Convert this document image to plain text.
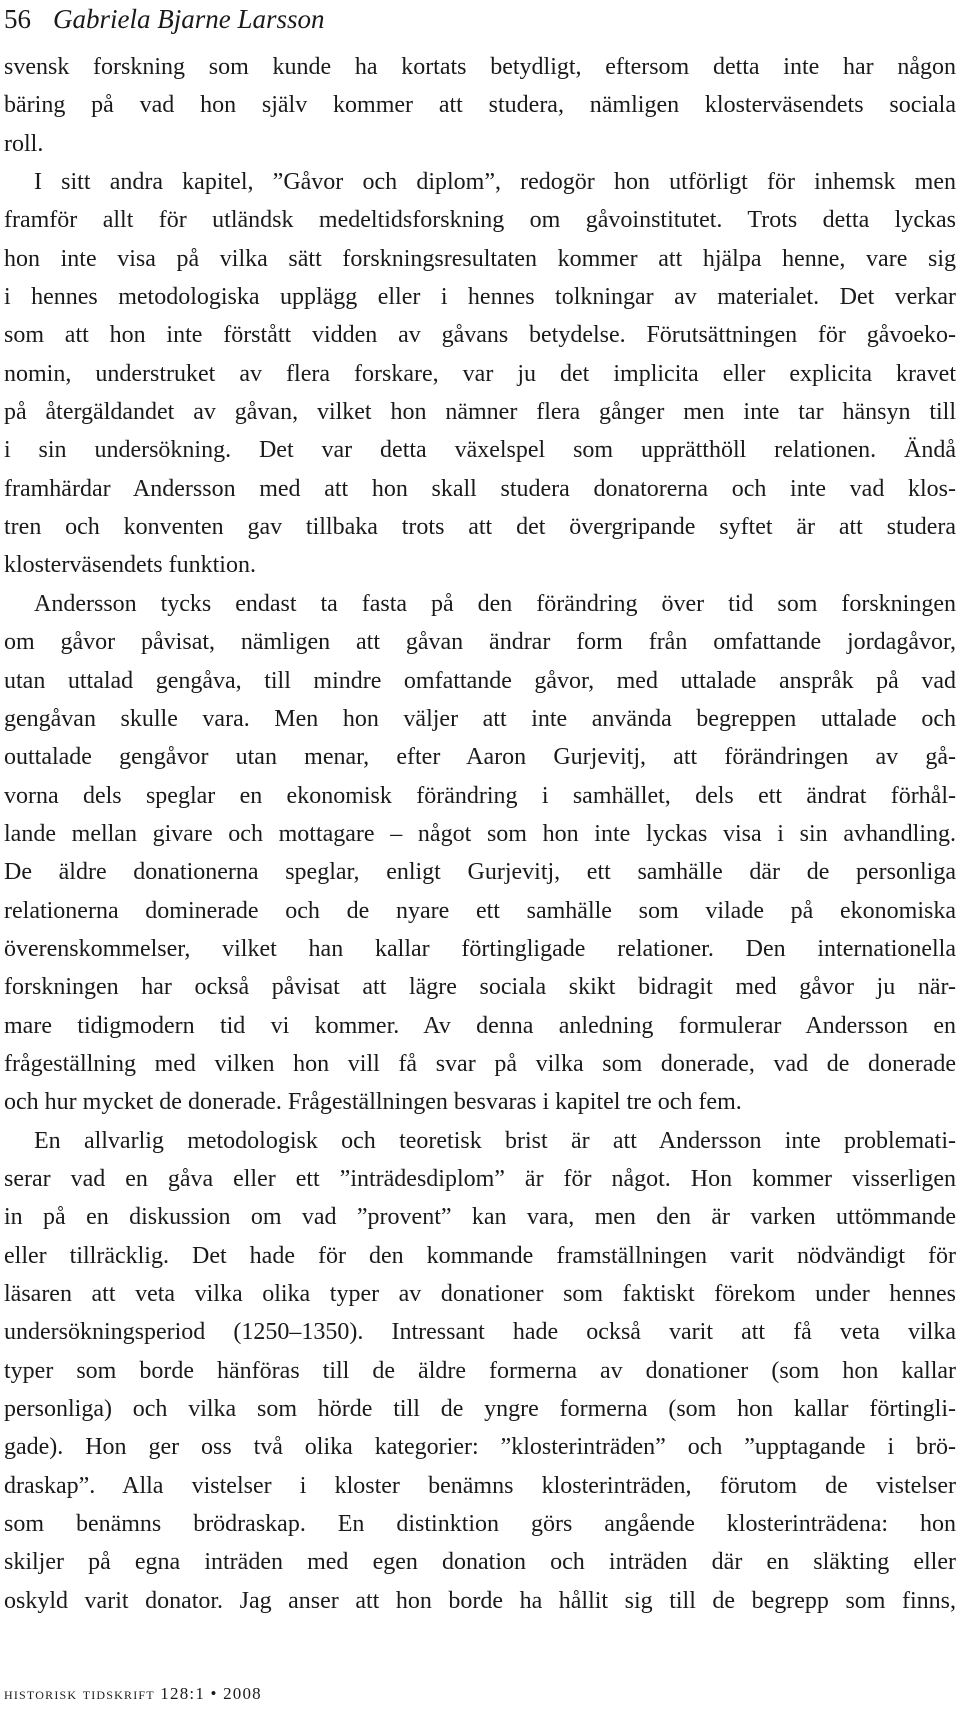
56 Gabriela Bjarne Larsson
svensk forskning som kunde ha kortats betydligt, eftersom detta inte har någon
bäring på vad hon själv kommer att studera, nämligen klosterväsendets sociala
roll.
I sitt andra kapitel, ”Gåvor och diplom”, redogör hon utförligt för inhemsk men
framför allt för utländsk medeltidsforskning om gåvoinstitutet. Trots detta lyckas
hon inte visa på vilka sätt forskningsresultaten kommer att hjälpa henne, vare sig
i hennes metodologiska upplägg eller i hennes tolkningar av materialet. Det verkar
som att hon inte förstått vidden av gåvans betydelse. Förutsättningen för gåvoeko-
nomin, understruket av flera forskare, var ju det implicita eller explicita kravet
på återgäldandet av gåvan, vilket hon nämner flera gånger men inte tar hänsyn till
i sin undersökning. Det var detta växelspel som upprätthöll relationen. Ändå
framhärdar Andersson med att hon skall studera donatorerna och inte vad klos-
tren och konventen gav tillbaka trots att det övergripande syftet är att studera
klosterväsendets funktion.
Andersson tycks endast ta fasta på den förändring över tid som forskningen
om gåvor påvisat, nämligen att gåvan ändrar form från omfattande jordagåvor,
utan uttalad gengåva, till mindre omfattande gåvor, med uttalade anspråk på vad
gengåvan skulle vara. Men hon väljer att inte använda begreppen uttalade och
outtalade gengåvor utan menar, efter Aaron Gurjevitj, att förändringen av gå-
vorna dels speglar en ekonomisk förändring i samhället, dels ett ändrat förhål-
lande mellan givare och mottagare – något som hon inte lyckas visa i sin avhandling.
De äldre donationerna speglar, enligt Gurjevitj, ett samhälle där de personliga
relationerna dominerade och de nyare ett samhälle som vilade på ekonomiska
överenskommelser, vilket han kallar förtingligade relationer. Den internationella
forskningen har också påvisat att lägre sociala skikt bidragit med gåvor ju när-
mare tidigmodern tid vi kommer. Av denna anledning formulerar Andersson en
frågeställning med vilken hon vill få svar på vilka som donerade, vad de donerade
och hur mycket de donerade. Frågeställningen besvaras i kapitel tre och fem.
En allvarlig metodologisk och teoretisk brist är att Andersson inte problemati-
serar vad en gåva eller ett ”inträdesdiplom” är för något. Hon kommer visserligen
in på en diskussion om vad ”provent” kan vara, men den är varken uttömmande
eller tillräcklig. Det hade för den kommande framställningen varit nödvändigt för
läsaren att veta vilka olika typer av donationer som faktiskt förekom under hennes
undersökningsperiod (1250–1350). Intressant hade också varit att få veta vilka
typer som borde hänföras till de äldre formerna av donationer (som hon kallar
personliga) och vilka som hörde till de yngre formerna (som hon kallar förtingli-
gade). Hon ger oss två olika kategorier: ”klosterinträden” och ”upptagande i brö-
draskap”. Alla vistelser i kloster benämns klosterinträden, förutom de vistelser
som benämns brödraskap. En distinktion görs angående klosterinträdena: hon
skiljer på egna inträden med egen donation och inträden där en släkting eller
oskyld varit donator. Jag anser att hon borde ha hållit sig till de begrepp som finns,
historisk tidskrift 128:1 • 2008
